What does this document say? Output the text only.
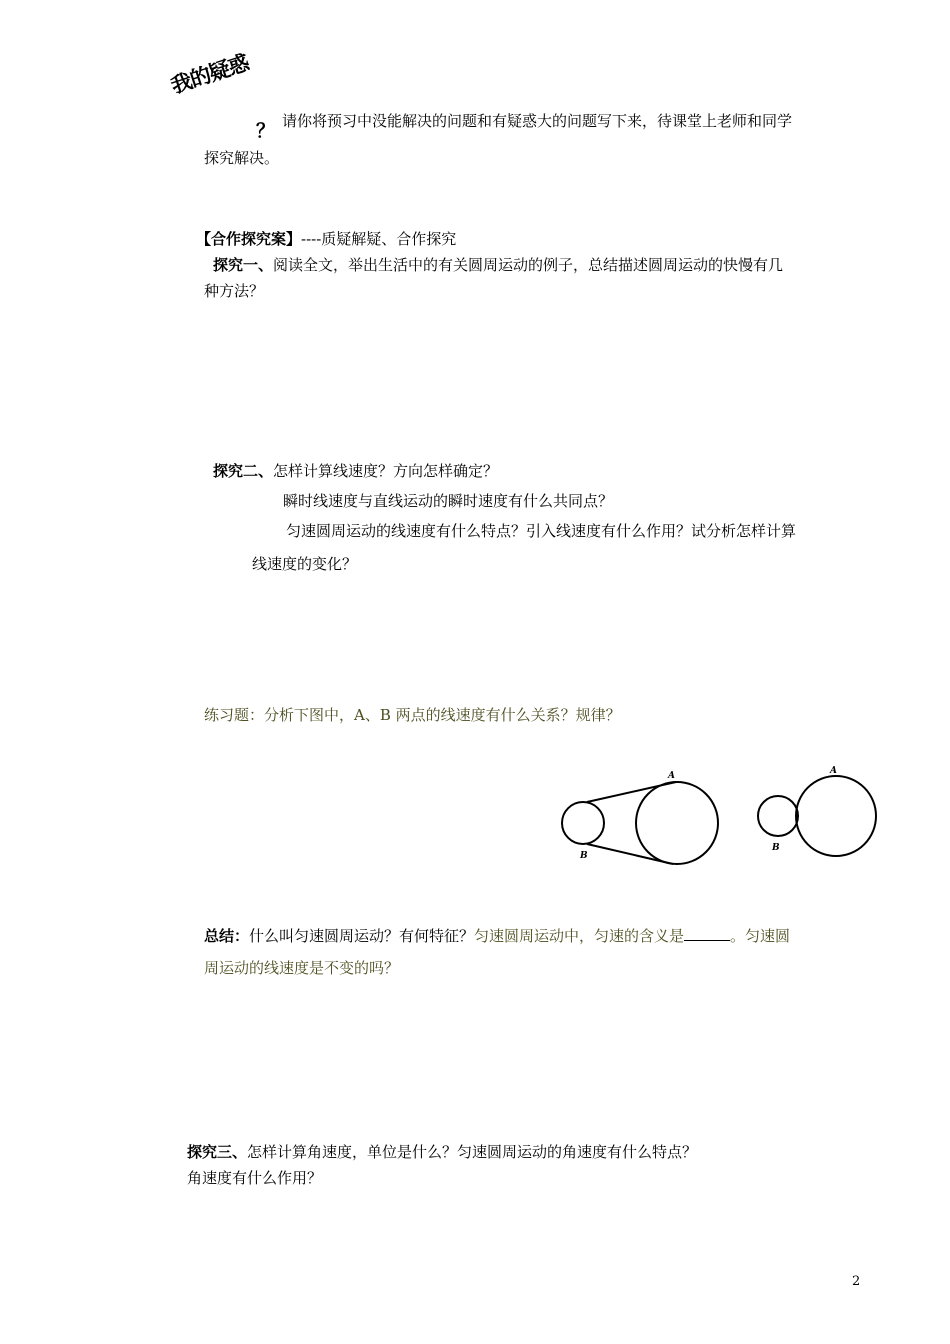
我的疑惑
？ 请你将预习中没能解决的问题和有疑惑大的问题写下来，待课堂上老师和同学
探究解决。
【合作探究案】----质疑解疑、合作探究
探究一、阅读全文，举出生活中的有关圆周运动的例子，总结描述圆周运动的快慢有几
种方法？
探究二、怎样计算线速度？方向怎样确定？
瞬时线速度与直线运动的瞬时速度有什么共同点？
匀速圆周运动的线速度有什么特点？引入线速度有什么作用？试分析怎样计算
线速度的变化？
练习题：分析下图中，A、B 两点的线速度有什么关系？规律？
A
B
A
B
总结：什么叫匀速圆周运动？有何特征？匀速圆周运动中，匀速的含义是	。匀速圆
周运动的线速度是不变的吗？
探究三、怎样计算角速度，单位是什么？匀速圆周运动的角速度有什么特点？
角速度有什么作用？
2
